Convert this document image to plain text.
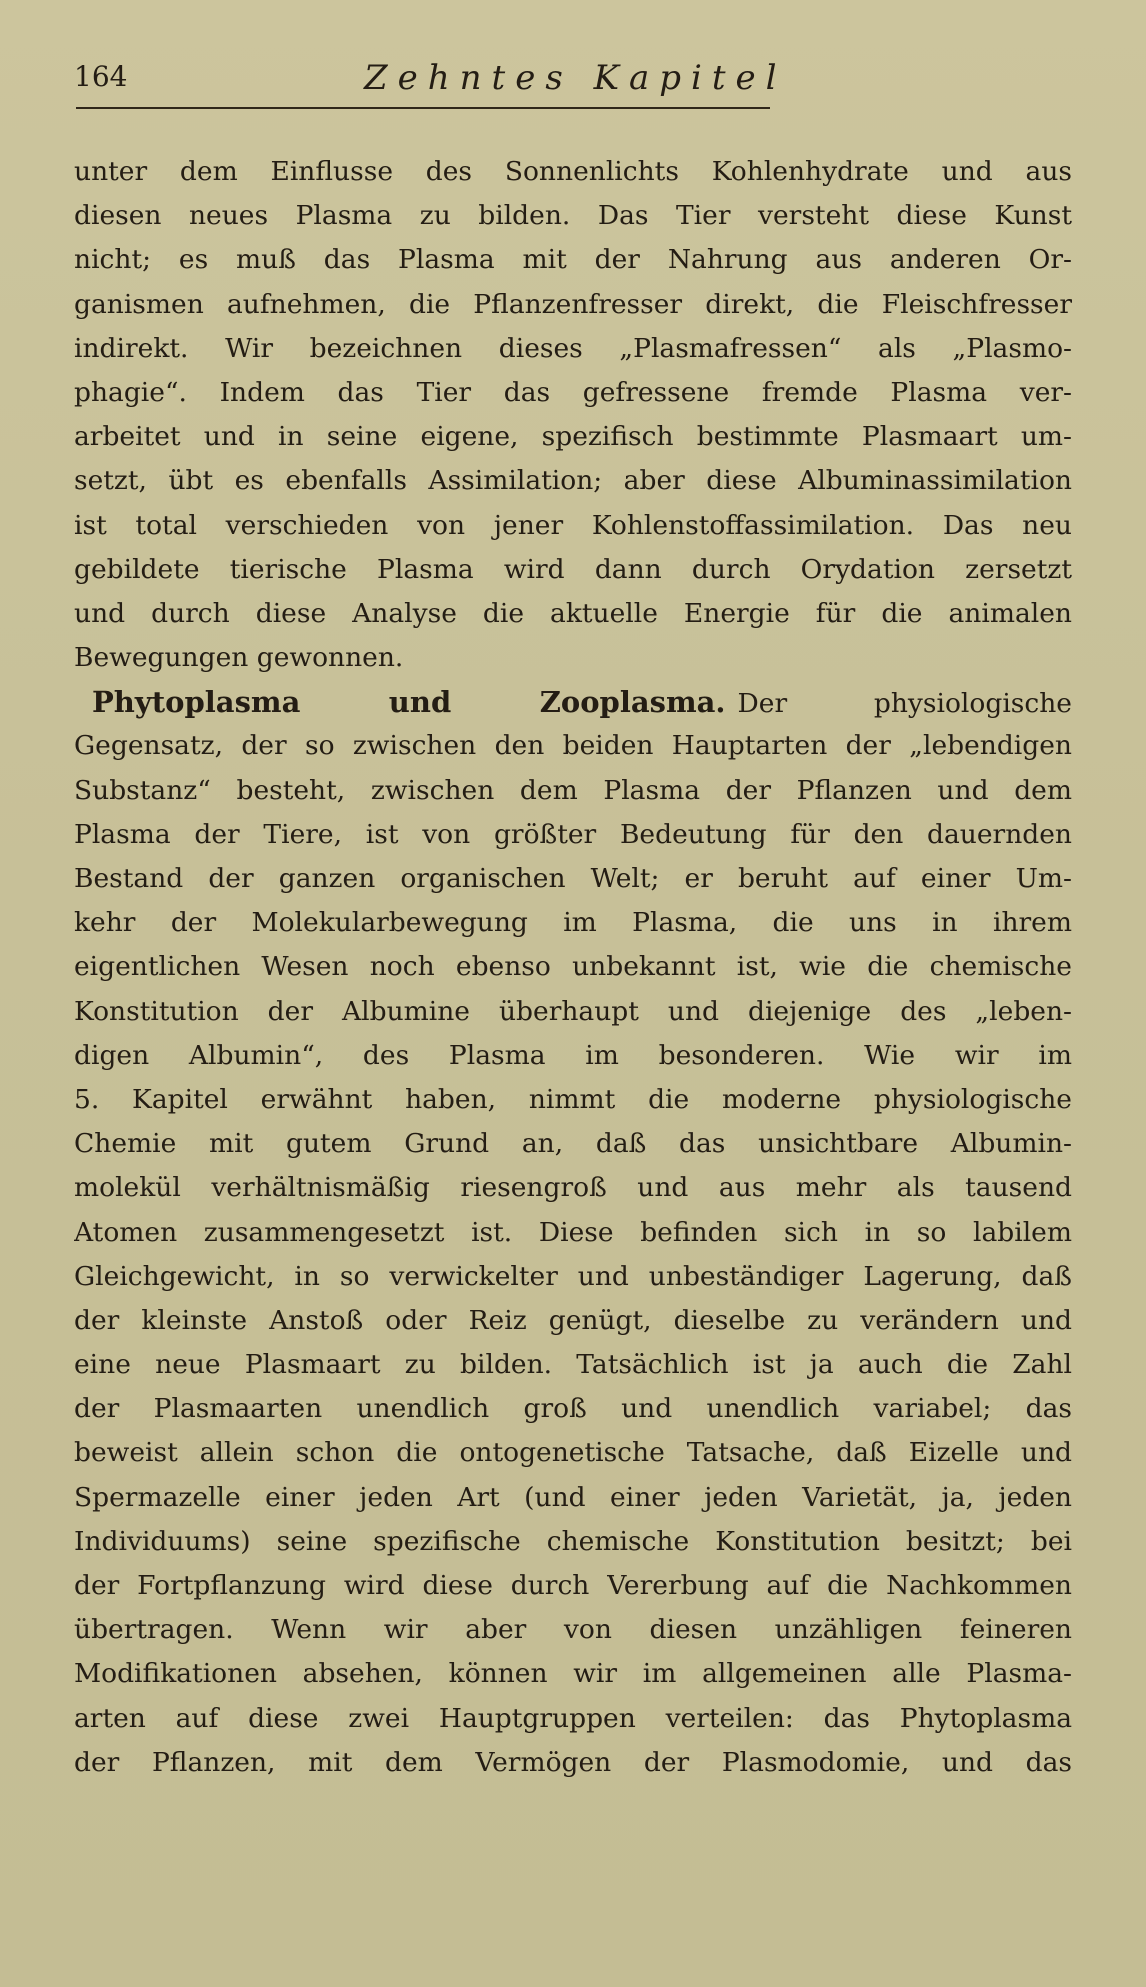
164	Zehntes Kapitel
unter dem Einflusse des Sonnenlichts Kohlenhydrate und aus
diesen neues Plasma zu bilden. Das Tier versteht diese Kunst
nicht; es muß das Plasma mit der Nahrung aus anderen Or-
ganismen aufnehmen, die Pflanzenfresser direkt, die Fleischfresser
indirekt. Wir bezeichnen dieses „Plasmafressen“ als „Plasmo-
phagie“. Indem das Tier das gefressene fremde Plasma ver-
arbeitet und in seine eigene, spezifisch bestimmte Plasmaart um-
setzt, übt es ebenfalls Assimilation; aber diese Albuminassimilation
ist total verschieden von jener Kohlenstoffassimilation. Das neu
gebildete tierische Plasma wird dann durch Orydation zersetzt
und durch diese Analyse die aktuelle Energie für die animalen
Bewegungen gewonnen.
Phytoplasma und Zooplasma. Der physiologische
Gegensatz, der so zwischen den beiden Hauptarten der „lebendigen
Substanz“ besteht, zwischen dem Plasma der Pflanzen und dem
Plasma der Tiere, ist von größter Bedeutung für den dauernden
Bestand der ganzen organischen Welt; er beruht auf einer Um-
kehr der Molekularbewegung im Plasma, die uns in ihrem
eigentlichen Wesen noch ebenso unbekannt ist, wie die chemische
Konstitution der Albumine überhaupt und diejenige des „leben-
digen Albumin“, des Plasma im besonderen. Wie wir im
5. Kapitel erwähnt haben, nimmt die moderne physiologische
Chemie mit gutem Grund an, daß das unsichtbare Albumin-
molekül verhältnismäßig riesengroß und aus mehr als tausend
Atomen zusammengesetzt ist. Diese befinden sich in so labilem
Gleichgewicht, in so verwickelter und unbeständiger Lagerung, daß
der kleinste Anstoß oder Reiz genügt, dieselbe zu verändern und
eine neue Plasmaart zu bilden. Tatsächlich ist ja auch die Zahl
der Plasmaarten unendlich groß und unendlich variabel; das
beweist allein schon die ontogenetische Tatsache, daß Eizelle und
Spermazelle einer jeden Art (und einer jeden Varietät, ja, jeden
Individuums) seine spezifische chemische Konstitution besitzt; bei
der Fortpflanzung wird diese durch Vererbung auf die Nachkommen
übertragen. Wenn wir aber von diesen unzähligen feineren
Modifikationen absehen, können wir im allgemeinen alle Plasma-
arten auf diese zwei Hauptgruppen verteilen: das Phytoplasma
der Pflanzen, mit dem Vermögen der Plasmodomie, und das
